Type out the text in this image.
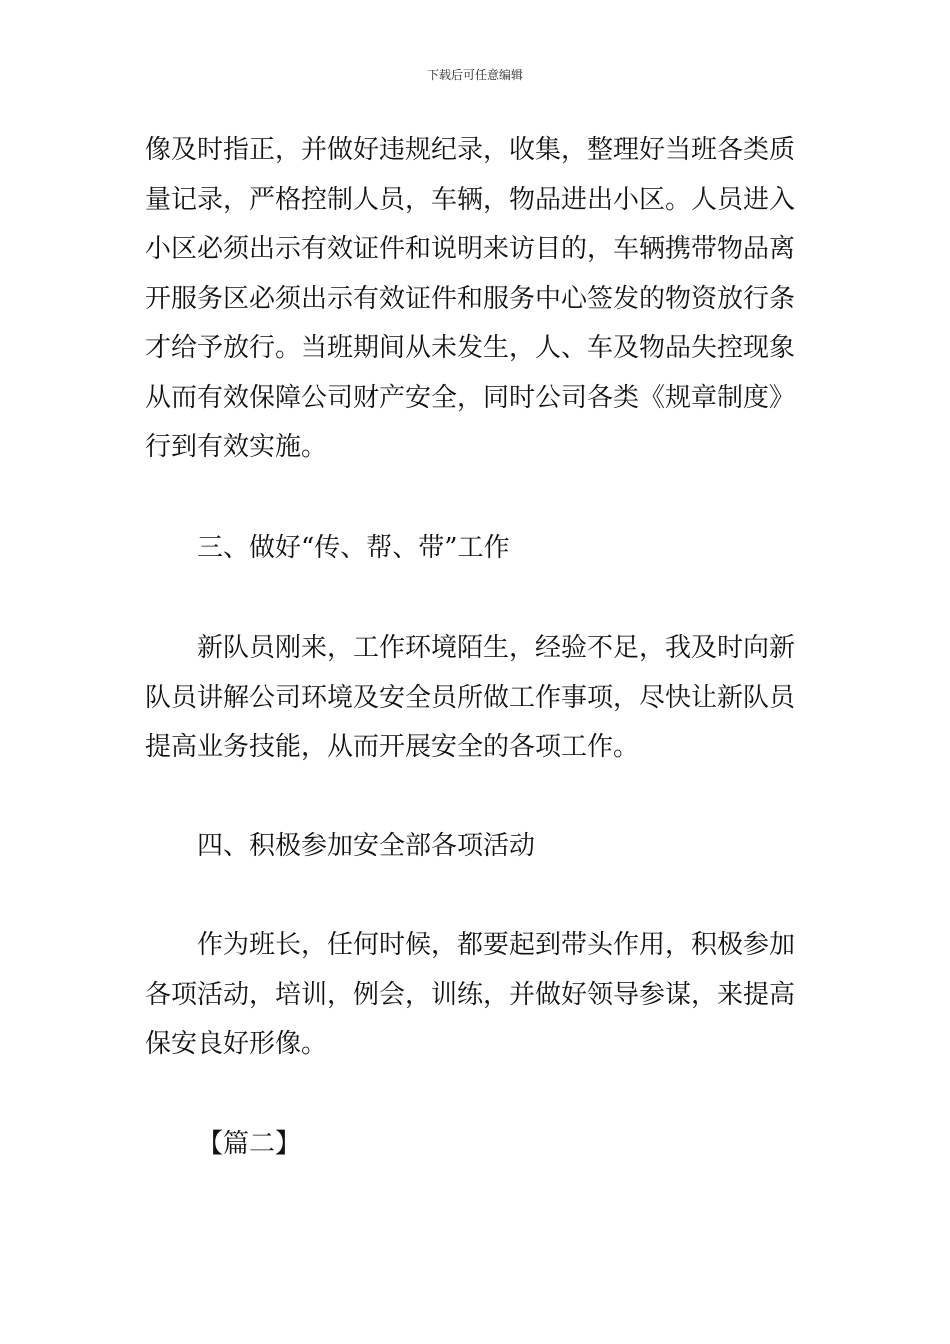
下载后可任意编辑
像及时指正，并做好违规纪录，收集，整理好当班各类质
量记录，严格控制人员，车辆，物品进出小区。人员进入
小区必须出示有效证件和说明来访目的，车辆携带物品离
开服务区必须出示有效证件和服务中心签发的物资放行条
才给予放行。当班期间从未发生，人、车及物品失控现象
从而有效保障公司财产安全，同时公司各类《规章制度》
行到有效实施。
三、做好“传、帮、带”工作
新队员刚来，工作环境陌生，经验不足，我及时向新
队员讲解公司环境及安全员所做工作事项，尽快让新队员
提高业务技能，从而开展安全的各项工作。
四、积极参加安全部各项活动
作为班长，任何时候，都要起到带头作用，积极参加
各项活动，培训，例会，训练，并做好领导参谋，来提高
保安良好形像。
【篇二】
